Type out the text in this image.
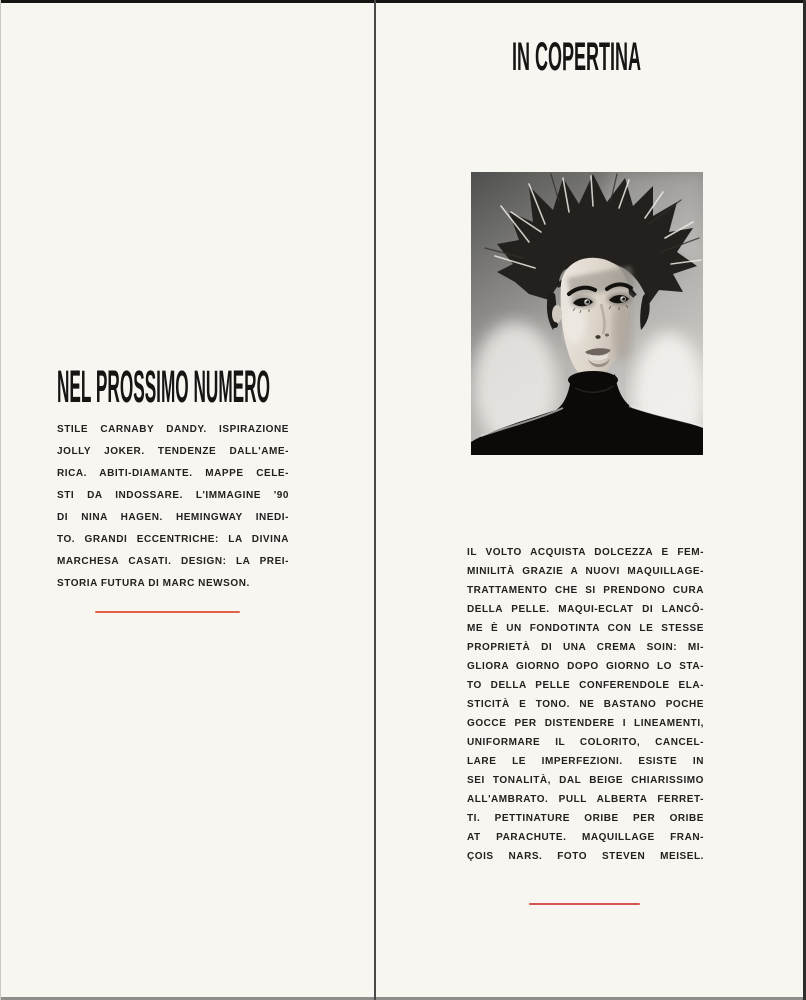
NEL PROSSIMO NUMERO
STILE CARNABY DANDY. ISPIRAZIONE
JOLLY JOKER. TENDENZE DALL'AME-
RICA. ABITI-DIAMANTE. MAPPE CELE-
STI DA INDOSSARE. L'IMMAGINE '90
DI NINA HAGEN. HEMINGWAY INEDI-
TO. GRANDI ECCENTRICHE: LA DIVINA
MARCHESA CASATI. DESIGN: LA PREI-
STORIA FUTURA DI MARC NEWSON.
IN COPERTINA
IL VOLTO ACQUISTA DOLCEZZA E FEM-
MINILITÀ GRAZIE A NUOVI MAQUILLAGE-
TRATTAMENTO CHE SI PRENDONO CURA
DELLA PELLE. MAQUI-ECLAT DI LANCÔ-
ME È UN FONDOTINTA CON LE STESSE
PROPRIETÀ DI UNA CREMA SOIN: MI-
GLIORA GIORNO DOPO GIORNO LO STA-
TO DELLA PELLE CONFERENDOLE ELA-
STICITÀ E TONO. NE BASTANO POCHE
GOCCE PER DISTENDERE I LINEAMENTI,
UNIFORMARE IL COLORITO, CANCEL-
LARE LE IMPERFEZIONI. ESISTE IN
SEI TONALITÀ, DAL BEIGE CHIARISSIMO
ALL'AMBRATO. PULL ALBERTA FERRET-
TI. PETTINATURE ORIBE PER ORIBE
AT PARACHUTE. MAQUILLAGE FRAN-
ÇOIS NARS. FOTO STEVEN MEISEL.
